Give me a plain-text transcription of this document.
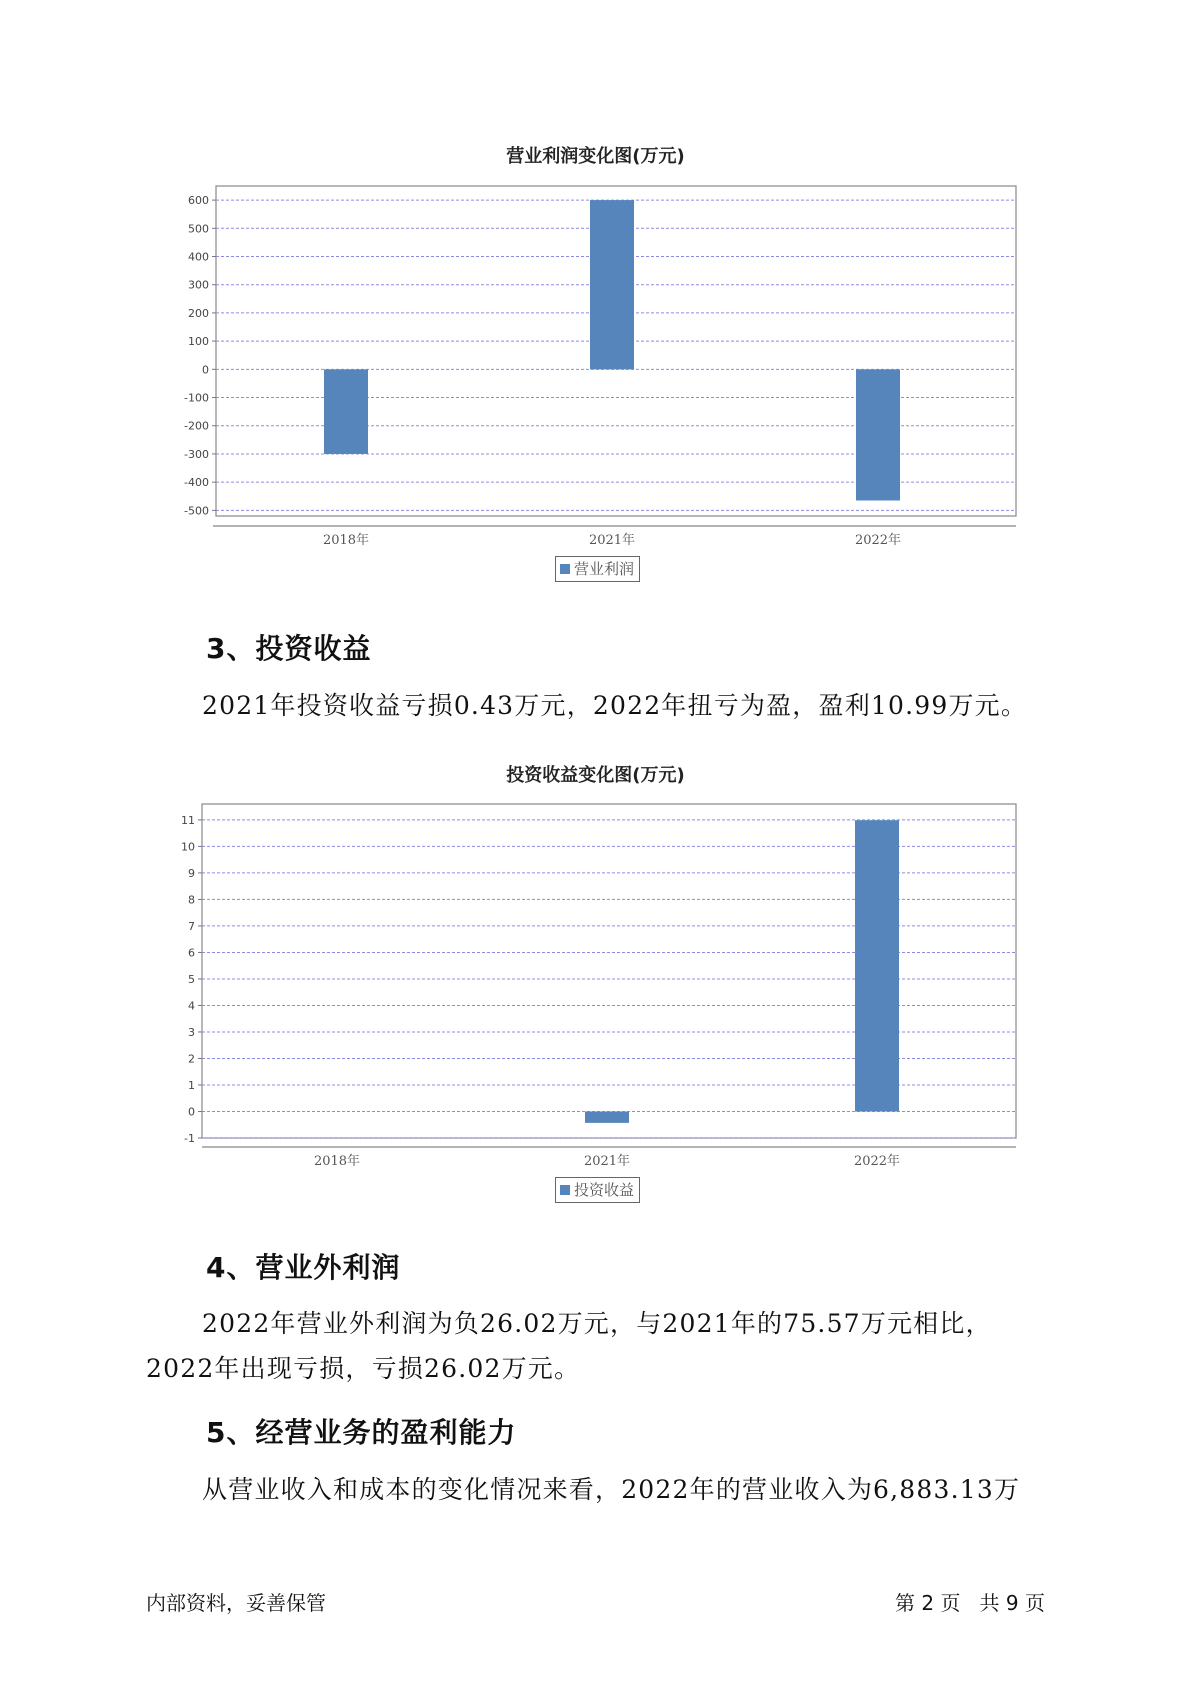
营业利润变化图(万元)
600
500
400
300
200
100
0
-100
-200
-300
-400
-500
2018年	2021年	2022年
营业利润
3、投资收益

2021年投资收益亏损0.43万元，2022年扭亏为盈，盈利10.99万元。

投资收益变化图(万元)
11
10
9
8
7
6
5
4
3
2
1
0
-1
2018年	2021年	2022年
投资收益
4、营业外利润

2022年营业外利润为负26.02万元，与2021年的75.57万元相比，2022年出现亏损，亏损26.02万元。

5、经营业务的盈利能力

从营业收入和成本的变化情况来看，2022年的营业收入为6,883.13万

内部资料，妥善保管	第 2 页   共 9 页
